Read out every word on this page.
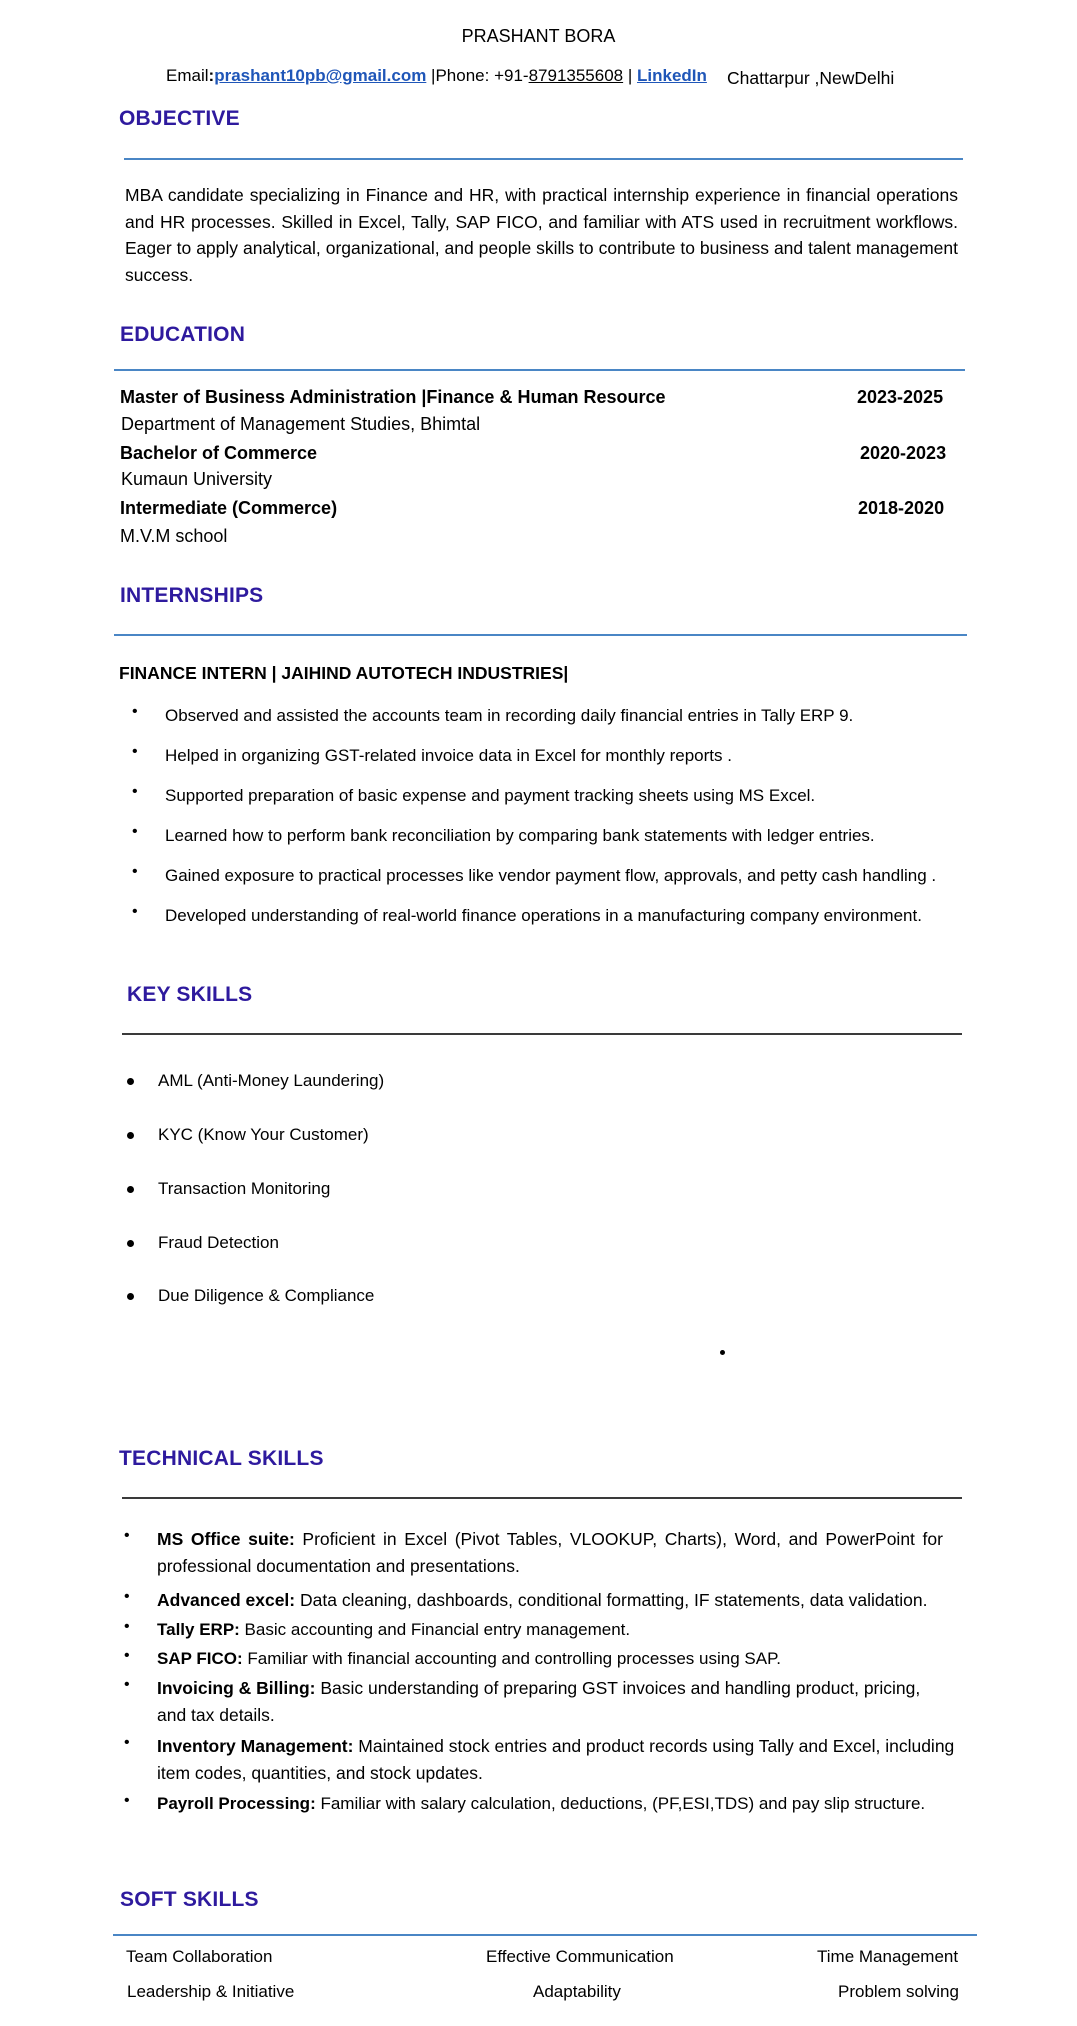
PRASHANT BORA
Email:prashant10pb@gmail.com |Phone: +91-8791355608 | LinkedIn Chattarpur ,NewDelhi
OBJECTIVE
MBA candidate specializing in Finance and HR, with practical internship experience in financial operations and HR processes. Skilled in Excel, Tally, SAP FICO, and familiar with ATS used in recruitment workflows. Eager to apply analytical, organizational, and people skills to contribute to business and talent management success.
EDUCATION
Master of Business Administration |Finance & Human Resource	2023-2025
Department of Management Studies, Bhimtal
Bachelor of Commerce	2020-2023
Kumaun University
Intermediate (Commerce)	2018-2020
M.V.M school
INTERNSHIPS
FINANCE INTERN | JAIHIND AUTOTECH INDUSTRIES|
• Observed and assisted the accounts team in recording daily financial entries in Tally ERP 9.
• Helped in organizing GST-related invoice data in Excel for monthly reports .
• Supported preparation of basic expense and payment tracking sheets using MS Excel.
• Learned how to perform bank reconciliation by comparing bank statements with ledger entries.
• Gained exposure to practical processes like vendor payment flow, approvals, and petty cash handling .
• Developed understanding of real-world finance operations in a manufacturing company environment.
KEY SKILLS
AML (Anti-Money Laundering)
KYC (Know Your Customer)
Transaction Monitoring
Fraud Detection
Due Diligence & Compliance
TECHNICAL SKILLS
• MS Office suite: Proficient in Excel (Pivot Tables, VLOOKUP, Charts), Word, and PowerPoint for professional documentation and presentations.
• Advanced excel: Data cleaning, dashboards, conditional formatting, IF statements, data validation.
• Tally ERP: Basic accounting and Financial entry management.
• SAP FICO: Familiar with financial accounting and controlling processes using SAP.
• Invoicing & Billing: Basic understanding of preparing GST invoices and handling product, pricing, and tax details.
• Inventory Management: Maintained stock entries and product records using Tally and Excel, including item codes, quantities, and stock updates.
• Payroll Processing: Familiar with salary calculation, deductions, (PF,ESI,TDS) and pay slip structure.
SOFT SKILLS
Team Collaboration	Effective Communication	Time Management
Leadership & Initiative	Adaptability	Problem solving
